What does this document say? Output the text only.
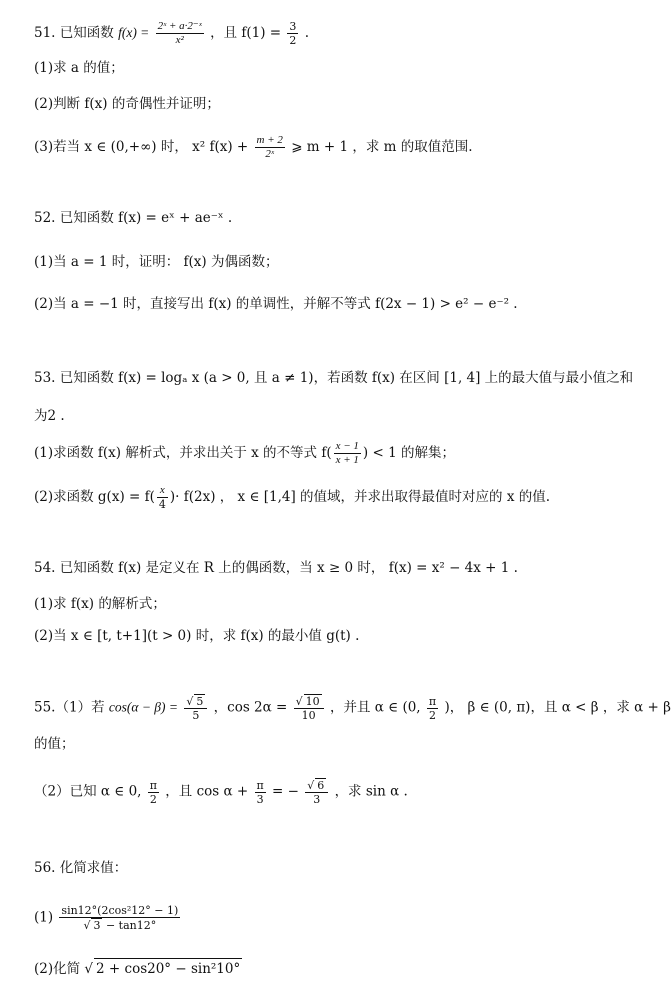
51. 已知函数 $f(x) = \frac{\text{2ˣ + a·2⁻ˣ}}{\text{x²}}$ ，且 $f(1) = \frac{3}{2}$ .
(1)求 a 的值；
(2)判断 f(x) 的奇偶性并证明；
(3)若当 x ∈ (0,+∞) 时， x² $f(x) + \frac{m + 2}{\text{2ˣ}}$ ⩾ m + 1 ，求 m 的取值范围.
52. 已知函数 f(x) = eˣ + ae⁻ˣ .
(1)当 a = 1 时，证明： f(x) 为偶函数；
(2)当 a = −1 时，直接写出 f(x) 的单调性，并解不等式 f(2x − 1) > e² − e⁻² .
53. 已知函数 f(x) = logₐ x (a > 0, 且 a ≠ 1)，若函数 f(x) 在区间 [1, 4] 上的最大值与最小值之和
为2 .
(1)求函数 f(x) 解析式，并求出关于 x 的不等式 $f( \frac{x - 1}{x + 1}$ ) < 1 的解集；
(2)求函数 $g(x) = f( \frac{x}{4}$ )· f(2x) ， x ∈ [1,4] 的值域，并求出取得最值时对应的 x 的值.
54. 已知函数 f(x) 是定义在 R 上的偶函数，当 x ≥ 0 时， f(x) = x² − 4x + 1 .
(1)求 f(x) 的解析式；
(2)当 x ∈ [t, t+1](t > 0) 时，求 f(x) 的最小值 g(t) .
55.（1）若 $\cos(\alpha - \beta) = \frac{√ 5}{5}$ ，$\cos 2\alpha = \frac{√ 10}{10}$ ，并且 α ∈ (0, $\frac{\pi}{2}$ )， β ∈ (0, π)，且 α < β ，求 α + β
的值；
（2）已知 α ∈ 0, $\frac{\pi}{2}$ ，且 $\cos \alpha + \frac{\pi}{3}$ = − $\frac{√ 6}{3}$ ，求 sin α .
56. 化简求值：
$(1) \frac{\text{sin12°(2cos²12° − 1)}}{√ 3 - \tan 12^\circ}$
(2)化简 √ 2 + cos20° − sin²10°
